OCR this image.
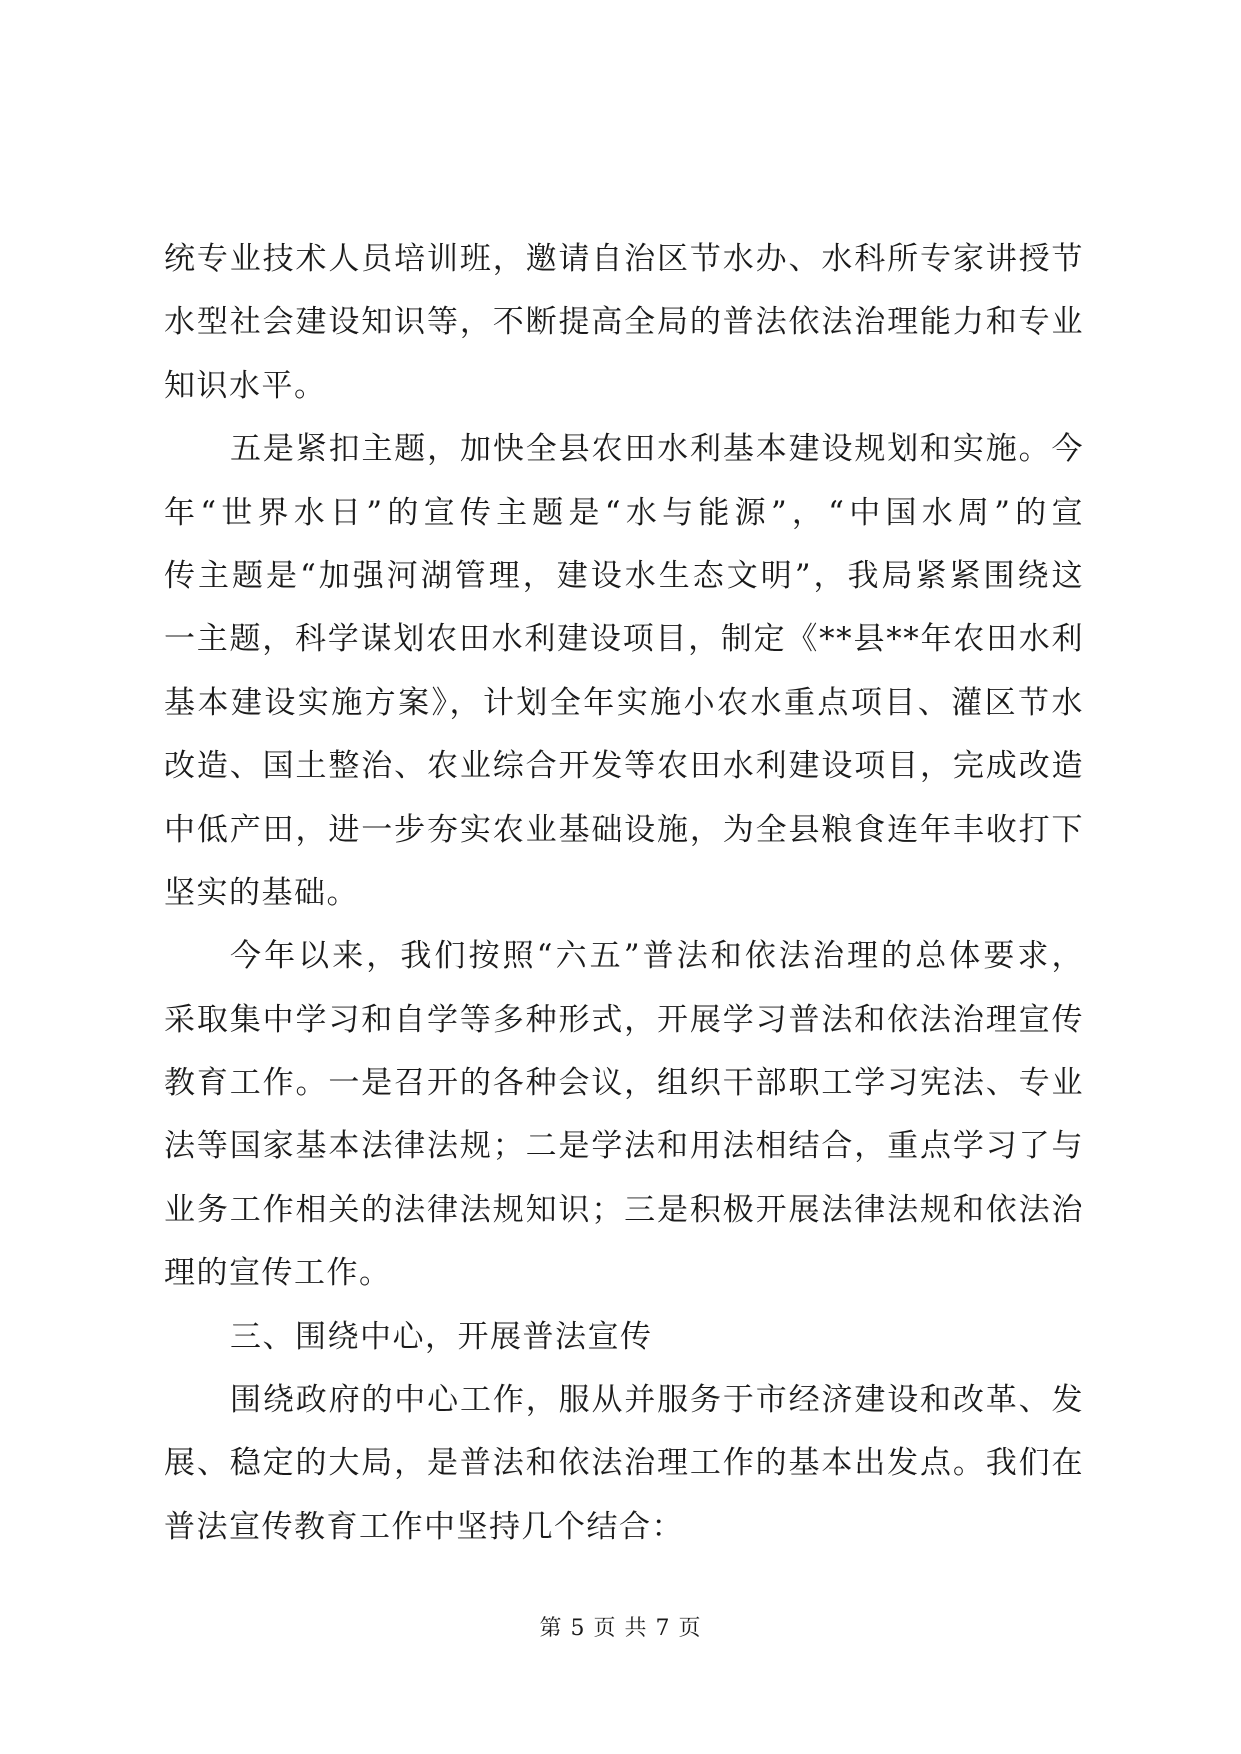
统专业技术人员培训班，邀请自治区节水办、水科所专家讲授节
水型社会建设知识等，不断提高全局的普法依法治理能力和专业
知识水平。
五是紧扣主题，加快全县农田水利基本建设规划和实施。今
年“世界水日”的宣传主题是“水与能源”，“中国水周”的宣
传主题是“加强河湖管理，建设水生态文明”，我局紧紧围绕这
一主题，科学谋划农田水利建设项目，制定《**县**年农田水利
基本建设实施方案》，计划全年实施小农水重点项目、灌区节水
改造、国土整治、农业综合开发等农田水利建设项目，完成改造
中低产田，进一步夯实农业基础设施，为全县粮食连年丰收打下
坚实的基础。
今年以来，我们按照“六五”普法和依法治理的总体要求，
采取集中学习和自学等多种形式，开展学习普法和依法治理宣传
教育工作。一是召开的各种会议，组织干部职工学习宪法、专业
法等国家基本法律法规；二是学法和用法相结合，重点学习了与
业务工作相关的法律法规知识；三是积极开展法律法规和依法治
理的宣传工作。
三、围绕中心，开展普法宣传
围绕政府的中心工作，服从并服务于市经济建设和改革、发
展、稳定的大局，是普法和依法治理工作的基本出发点。我们在
普法宣传教育工作中坚持几个结合：
第 5 页 共 7 页
